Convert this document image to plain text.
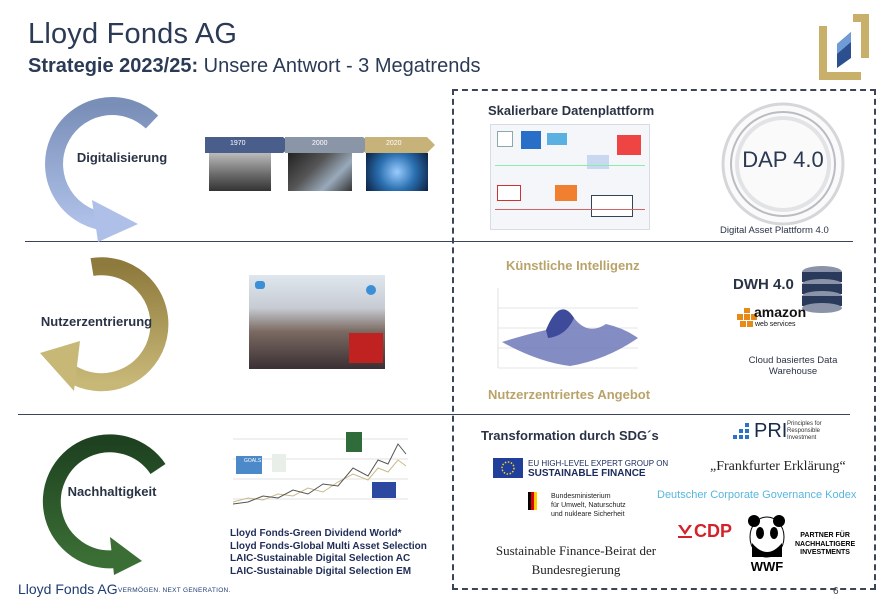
Lloyd Fonds AG
Strategie 2023/25: Unsere Antwort - 3 Megatrends
Digitalisierung
Nutzerzentrierung
Nachhaltigkeit
1970	2000	2020
GOALS
Lloyd Fonds-Green Dividend World*
Lloyd Fonds-Global Multi Asset Selection
LAIC-Sustainable Digital Selection AC
LAIC-Sustainable Digital Selection EM
Skalierbare Datenplattform
DAP 4.0
Digital Asset Plattform 4.0
Künstliche Intelligenz
Nutzerzentriertes Angebot
DWH 4.0
amazon
web services
Cloud basiertes Data
Warehouse
Transformation durch SDG´s	PRI Principles for
Responsible
Investment
EU HIGH-LEVEL EXPERT GROUP ON
SUSTAINABLE FINANCE	„Frankfurter Erklärung“
Bundesministerium
für Umwelt, Naturschutz
und nukleare Sicherheit
Deutscher Corporate Governance Kodex
Sustainable Finance-Beirat der
Bundesregierung
CDP
WWF
PARTNER FÜR
NACHHALTIGERE
INVESTMENTS
Lloyd Fonds AG VERMÖGEN. NEXT GENERATION.	6
